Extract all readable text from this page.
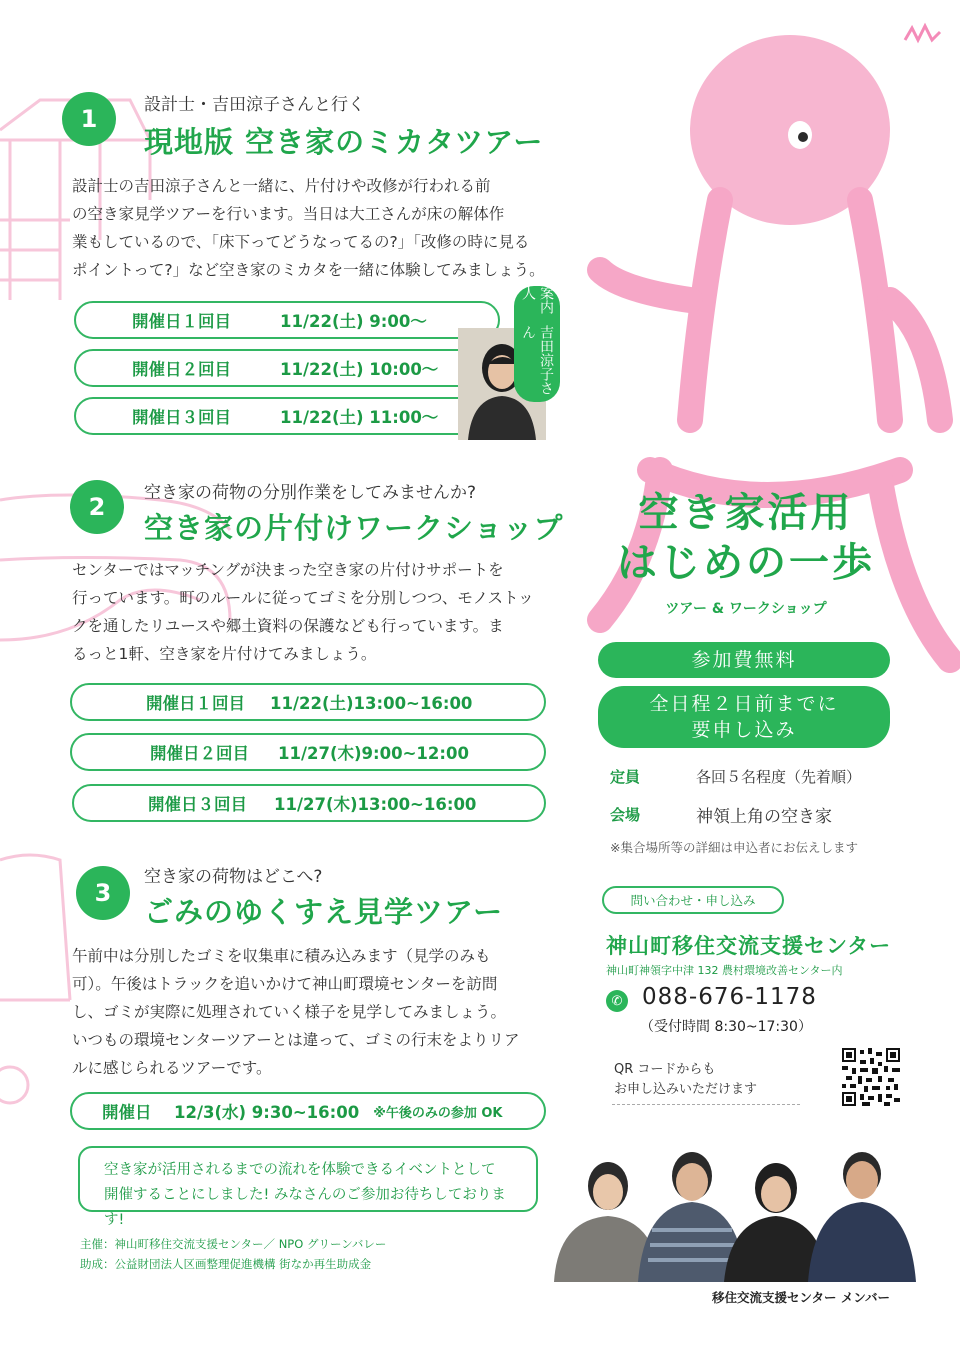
1	設計士・吉田涼子さんと行く
現地版 空き家のミカタツアー
設計士の吉田涼子さんと一緒に、片付けや改修が行われる前
の空き家見学ツアーを行います。当日は大工さんが床の解体作
業もしているので、「床下ってどうなってるの?」「改修の時に見る
ポイントって?」など空き家のミカタを一緒に体験してみましょう。
開催日１回目	11/22(土) 9:00〜
開催日２回目	11/22(土) 10:00〜
開催日３回目	11/22(土) 11:00〜
案内人
吉田涼子さん
2 空き家の荷物の分別作業をしてみませんか?
空き家の片付けワークショップ
センターではマッチングが決まった空き家の片付けサポートを
行っています。町のルールに従ってゴミを分別しつつ、モノストッ
クを通したリユースや郷土資料の保護なども行っています。ま
るっと1軒、空き家を片付けてみましょう。
開催日１回目	11/22(土)13:00~16:00
開催日２回目	11/27(木)9:00~12:00
開催日３回目	11/27(木)13:00~16:00
3
空き家の荷物はどこへ?
ごみのゆくすえ見学ツアー
午前中は分別したゴミを収集車に積み込みます（見学のみも
可）。午後はトラックを追いかけて神山町環境センターを訪問
し、ゴミが実際に処理されていく様子を見学してみましょう。
いつもの環境センターツアーとは違って、ゴミの行末をよりリア
ルに感じられるツアーです。
開催日	12/3(水) 9:30~16:00 ※午後のみの参加 OK
空き家が活用されるまでの流れを体験できるイベントとして
開催することにしました! みなさんのご参加お待ちしております!
主催：神山町移住交流支援センター／ NPO グリーンバレー
助成：公益財団法人区画整理促進機構 街なか再生助成金
空き家活用
はじめの一歩
ツアー & ワークショップ
参加費無料
全日程２日前までに
要申し込み
定員	各回５名程度（先着順）
会場	神領上角の空き家
※集合場所等の詳細は申込者にお伝えします
問い合わせ・申し込み
神山町移住交流支援センター
神山町神領字中津 132 農村環境改善センター内
✆ 088-676-1178
（受付時間 8:30~17:30）
QR コードからも
お申し込みいただけます
移住交流支援センター メンバー
